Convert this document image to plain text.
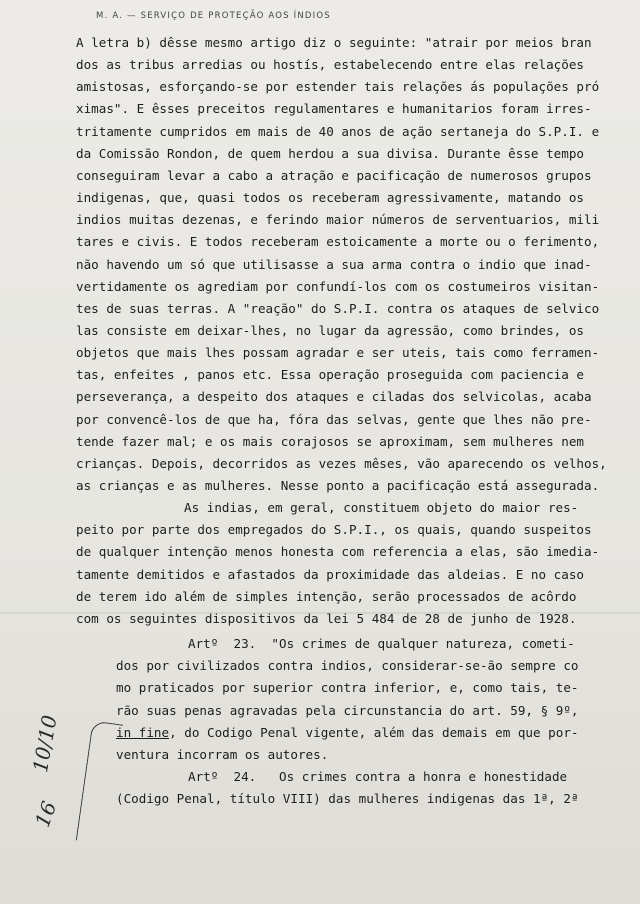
M. A. — SERVIÇO DE PROTEÇÃO AOS ÍNDIOS
A letra b) dêsse mesmo artigo diz o seguinte: "atrair por meios bran
dos as tribus arredias ou hostís, estabelecendo entre elas relações
amistosas, esforçando-se por estender tais relações ás populações pró
ximas". E êsses preceitos regulamentares e humanitarios foram irres-
tritamente cumpridos em mais de 40 anos de ação sertaneja do S.P.I. e
da Comissão Rondon, de quem herdou a sua divisa. Durante êsse tempo
conseguiram levar a cabo a atração e pacificação de numerosos grupos
indigenas, que, quasi todos os receberam agressivamente, matando os
indios muitas dezenas, e ferindo maior números de serventuarios, mili
tares e civis. E todos receberam estoicamente a morte ou o ferimento,
não havendo um só que utilisasse a sua arma contra o indio que inad-
vertidamente os agrediam por confundí-los com os costumeiros visitan-
tes de suas terras. A "reação" do S.P.I. contra os ataques de selvico
las consiste em deixar-lhes, no lugar da agressão, como brindes, os
objetos que mais lhes possam agradar e ser uteis, tais como ferramen-
tas, enfeites , panos etc. Essa operação proseguida com paciencia e
perseverança, a despeito dos ataques e ciladas dos selvicolas, acaba
por convencê-los de que ha, fóra das selvas, gente que lhes não pre-
tende fazer mal; e os mais corajosos se aproximam, sem mulheres nem
crianças. Depois, decorridos as vezes mêses, vão aparecendo os velhos,
as crianças e as mulheres. Nesse ponto a pacificação está assegurada.
As indias, em geral, constituem objeto do maior res-
peito por parte dos empregados do S.P.I., os quais, quando suspeitos
de qualquer intenção menos honesta com referencia a elas, são imedia-
tamente demitidos e afastados da proximidade das aldeias. E no caso
de terem ido além de simples intenção, serão processados de acôrdo
com os seguintes dispositivos da lei 5 484 de 28 de junho de 1928.
Artº  23.  "Os crimes de qualquer natureza, cometi-
dos por civilizados contra indios, considerar-se-ão sempre co
mo praticados por superior contra inferior, e, como tais, te-
rão suas penas agravadas pela circunstancia do art. 59, § 9º,
in fine, do Codigo Penal vigente, além das demais em que por-
ventura incorram os autores.
Artº  24.   Os crimes contra a honra e honestidade
(Codigo Penal, título VIII) das mulheres indigenas das 1ª, 2ª
10/10
16
